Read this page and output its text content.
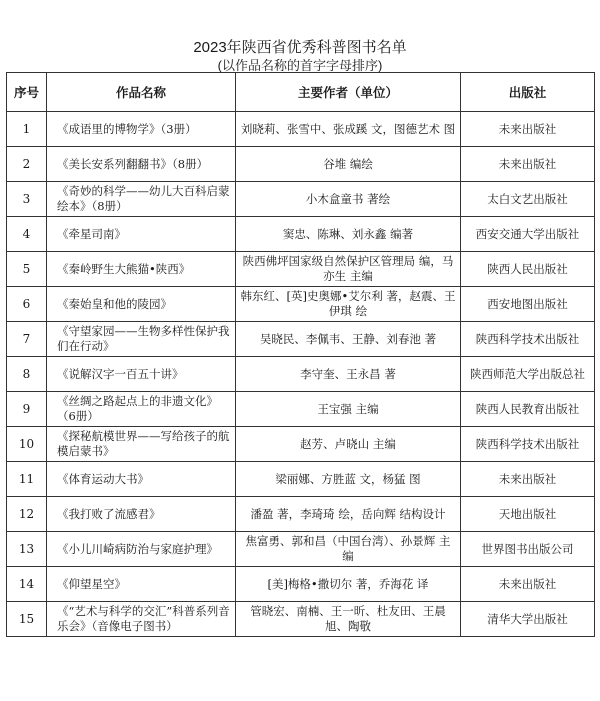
2023年陕西省优秀科普图书名单
(以作品名称的首字字母排序)
序号	作品名称	主要作者（单位）	出版社
1	《成语里的博物学》（3册）	刘晓莉、张雪中、张成蹊 文，图德艺术 图	未来出版社
2	《美长安系列翻翻书》（8册）	谷堆 编绘	未来出版社
3	《奇妙的科学——幼儿大百科启蒙绘本》（8册）	小木盒童书 著绘	太白文艺出版社
4	《牵星司南》	窦忠、陈琳、刘永鑫 编著	西安交通大学出版社
5	《秦岭野生大熊猫•陕西》	陕西佛坪国家级自然保护区管理局 编，马亦生 主编	陕西人民出版社
6	《秦始皇和他的陵园》	韩东红、[英]史奥娜•艾尔利 著，赵震、王伊琪 绘	西安地图出版社
7	《守望家园——生物多样性保护我们在行动》	吴晓民、李佩韦、王静、刘春池 著	陕西科学技术出版社
8	《说解汉字一百五十讲》	李守奎、王永昌 著	陕西师范大学出版总社
9	《丝绸之路起点上的非遗文化》（6册）	王宝强 主编	陕西人民教育出版社
10	《探秘航模世界——写给孩子的航模启蒙书》	赵芳、卢晓山 主编	陕西科学技术出版社
11	《体育运动大书》	梁丽娜、方胜蓝 文，杨猛 图	未来出版社
12	《我打败了流感君》	潘盈 著，李琦琦 绘，岳向辉 结构设计	天地出版社
13	《小儿川崎病防治与家庭护理》	焦富勇、郭和昌（中国台湾）、孙景辉 主编	世界图书出版公司
14	《仰望星空》	[美]梅格•撒切尔 著，乔海花 译	未来出版社
15	《“艺术与科学的交汇”科普系列音乐会》（音像电子图书）	管晓宏、南楠、王一昕、杜友田、王晨旭、陶敬	清华大学出版社
